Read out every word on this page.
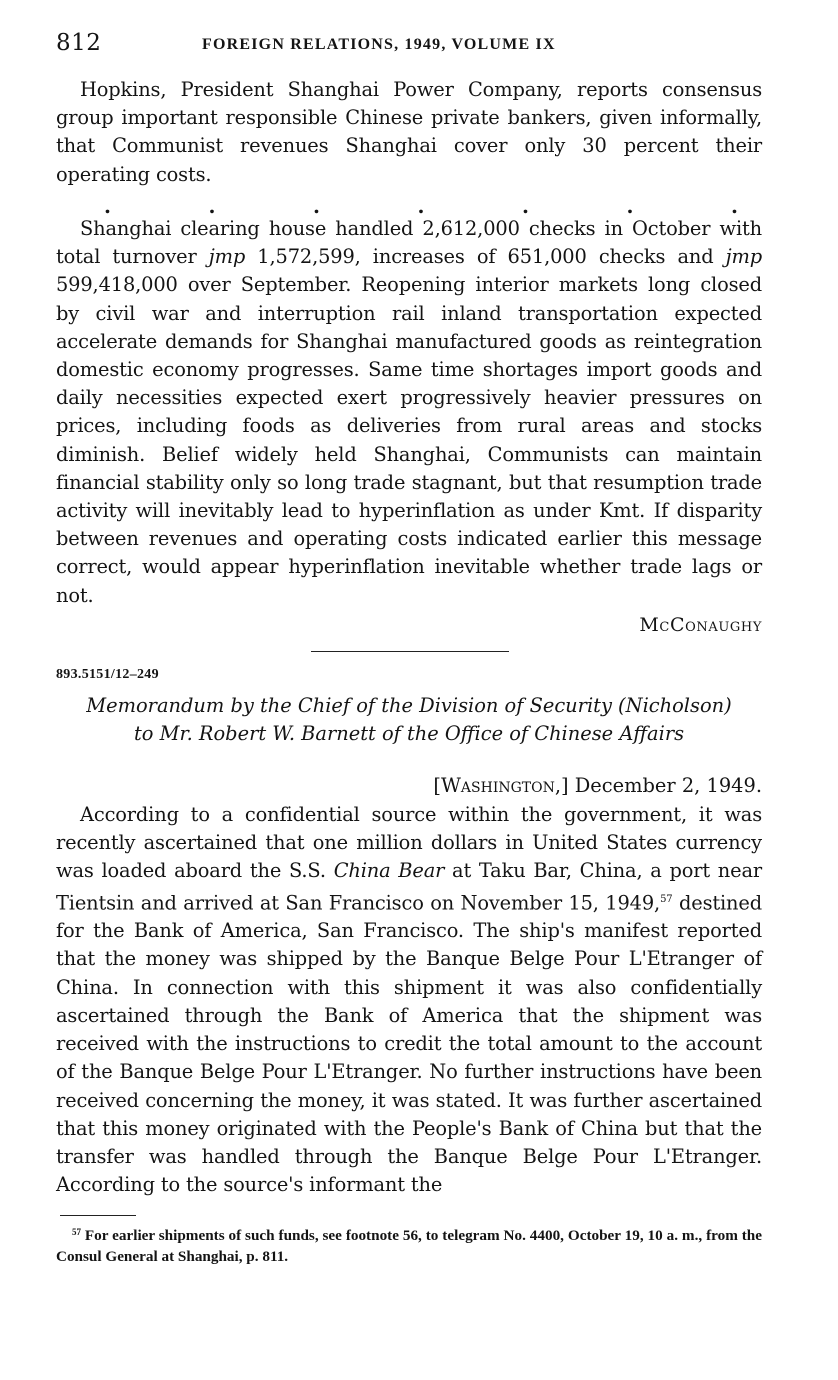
812	FOREIGN RELATIONS, 1949, VOLUME IX

Hopkins, President Shanghai Power Company, reports consensus group important responsible Chinese private bankers, given informally, that Communist revenues Shanghai cover only 30 percent their operating costs.

.	.	.	.	.	.	.

Shanghai clearing house handled 2,612,000 checks in October with total turnover jmp 1,572,599, increases of 651,000 checks and jmp 599,418,000 over September. Reopening interior markets long closed by civil war and interruption rail inland transportation expected accelerate demands for Shanghai manufactured goods as reintegration domestic economy progresses. Same time shortages import goods and daily necessities expected exert progressively heavier pressures on prices, including foods as deliveries from rural areas and stocks diminish. Belief widely held Shanghai, Communists can maintain financial stability only so long trade stagnant, but that resumption trade activity will inevitably lead to hyperinflation as under Kmt. If disparity between revenues and operating costs indicated earlier this message correct, would appear hyperinflation inevitable whether trade lags or not.

McConaughy
893.5151/12–249
Memorandum by the Chief of the Division of Security (Nicholson)
to Mr. Robert W. Barnett of the Office of Chinese Affairs
[Washington,] December 2, 1949.

According to a confidential source within the government, it was recently ascertained that one million dollars in United States currency was loaded aboard the S.S. China Bear at Taku Bar, China, a port near Tientsin and arrived at San Francisco on November 15, 1949,57 destined for the Bank of America, San Francisco. The ship's manifest reported that the money was shipped by the Banque Belge Pour L'Etranger of China. In connection with this shipment it was also confidentially ascertained through the Bank of America that the shipment was received with the instructions to credit the total amount to the account of the Banque Belge Pour L'Etranger. No further instructions have been received concerning the money, it was stated. It was further ascertained that this money originated with the People's Bank of China but that the transfer was handled through the Banque Belge Pour L'Etranger. According to the source's informant the

$^{57}$ For earlier shipments of such funds, see footnote 56, to telegram No. 4400, October 19, 10 a. m., from the Consul General at Shanghai, p. 811.
